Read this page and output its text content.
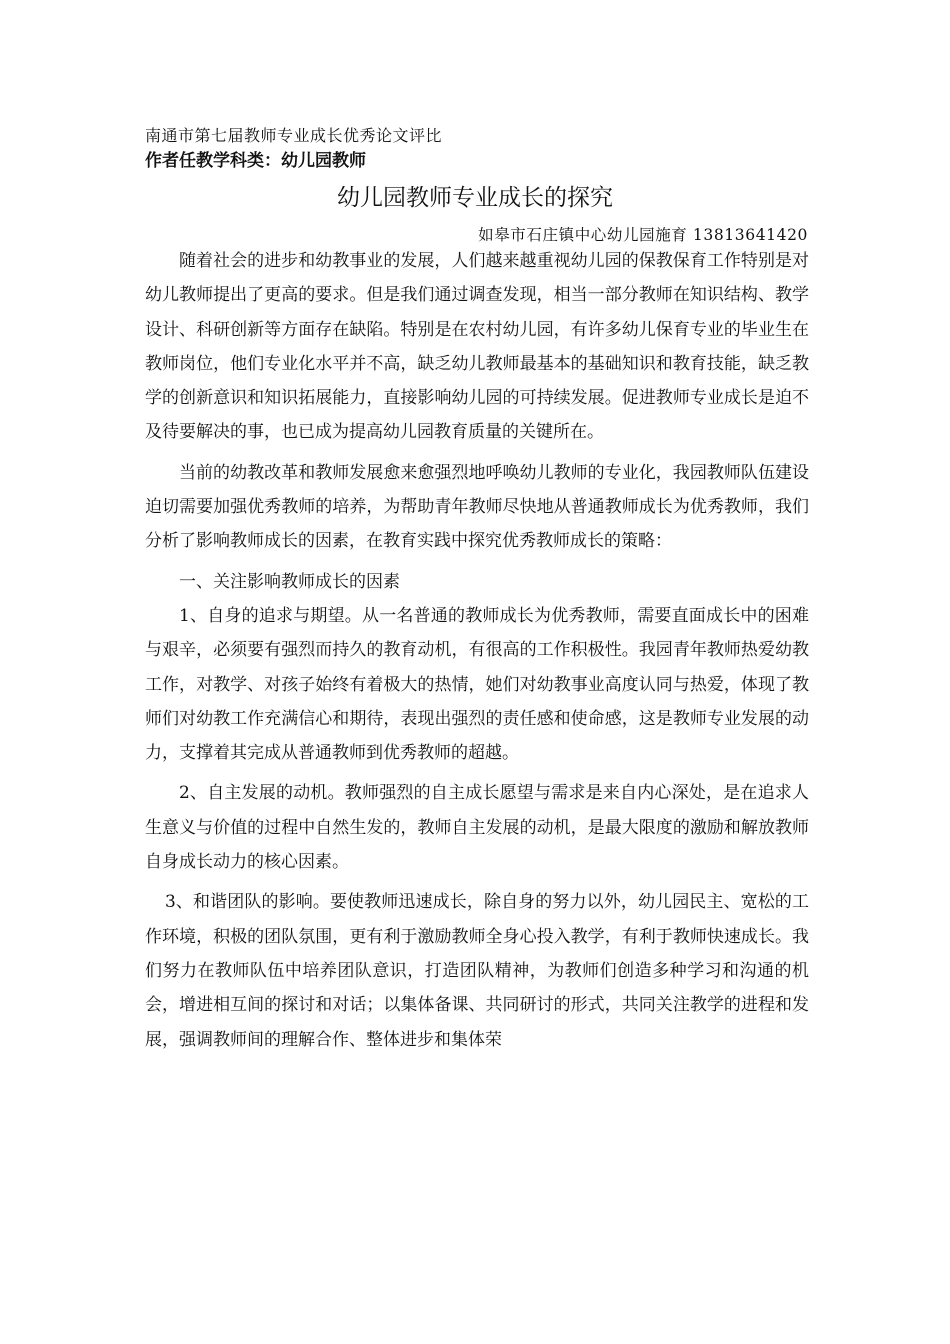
南通市第七届教师专业成长优秀论文评比
作者任教学科类：幼儿园教师
幼儿园教师专业成长的探究
如皋市石庄镇中心幼儿园施育 13813641420

随着社会的进步和幼教事业的发展，人们越来越重视幼儿园的保教保育工作特别是对幼儿教师提出了更高的要求。但是我们通过调查发现，相当一部分教师在知识结构、教学设计、科研创新等方面存在缺陷。特别是在农村幼儿园，有许多幼儿保育专业的毕业生在教师岗位，他们专业化水平并不高，缺乏幼儿教师最基本的基础知识和教育技能，缺乏教学的创新意识和知识拓展能力，直接影响幼儿园的可持续发展。促进教师专业成长是迫不及待要解决的事，也已成为提高幼儿园教育质量的关键所在。

当前的幼教改革和教师发展愈来愈强烈地呼唤幼儿教师的专业化，我园教师队伍建设迫切需要加强优秀教师的培养，为帮助青年教师尽快地从普通教师成长为优秀教师，我们分析了影响教师成长的因素，在教育实践中探究优秀教师成长的策略：

一、关注影响教师成长的因素

1、自身的追求与期望。从一名普通的教师成长为优秀教师，需要直面成长中的困难与艰辛，必须要有强烈而持久的教育动机，有很高的工作积极性。我园青年教师热爱幼教工作，对教学、对孩子始终有着极大的热情，她们对幼教事业高度认同与热爱，体现了教师们对幼教工作充满信心和期待，表现出强烈的责任感和使命感，这是教师专业发展的动力，支撑着其完成从普通教师到优秀教师的超越。

2、自主发展的动机。教师强烈的自主成长愿望与需求是来自内心深处，是在追求人生意义与价值的过程中自然生发的，教师自主发展的动机，是最大限度的激励和解放教师自身成长动力的核心因素。

3、和谐团队的影响。要使教师迅速成长，除自身的努力以外，幼儿园民主、宽松的工作环境，积极的团队氛围，更有利于激励教师全身心投入教学，有利于教师快速成长。我们努力在教师队伍中培养团队意识，打造团队精神，为教师们创造多种学习和沟通的机会，增进相互间的探讨和对话；以集体备课、共同研讨的形式，共同关注教学的进程和发展，强调教师间的理解合作、整体进步和集体荣
